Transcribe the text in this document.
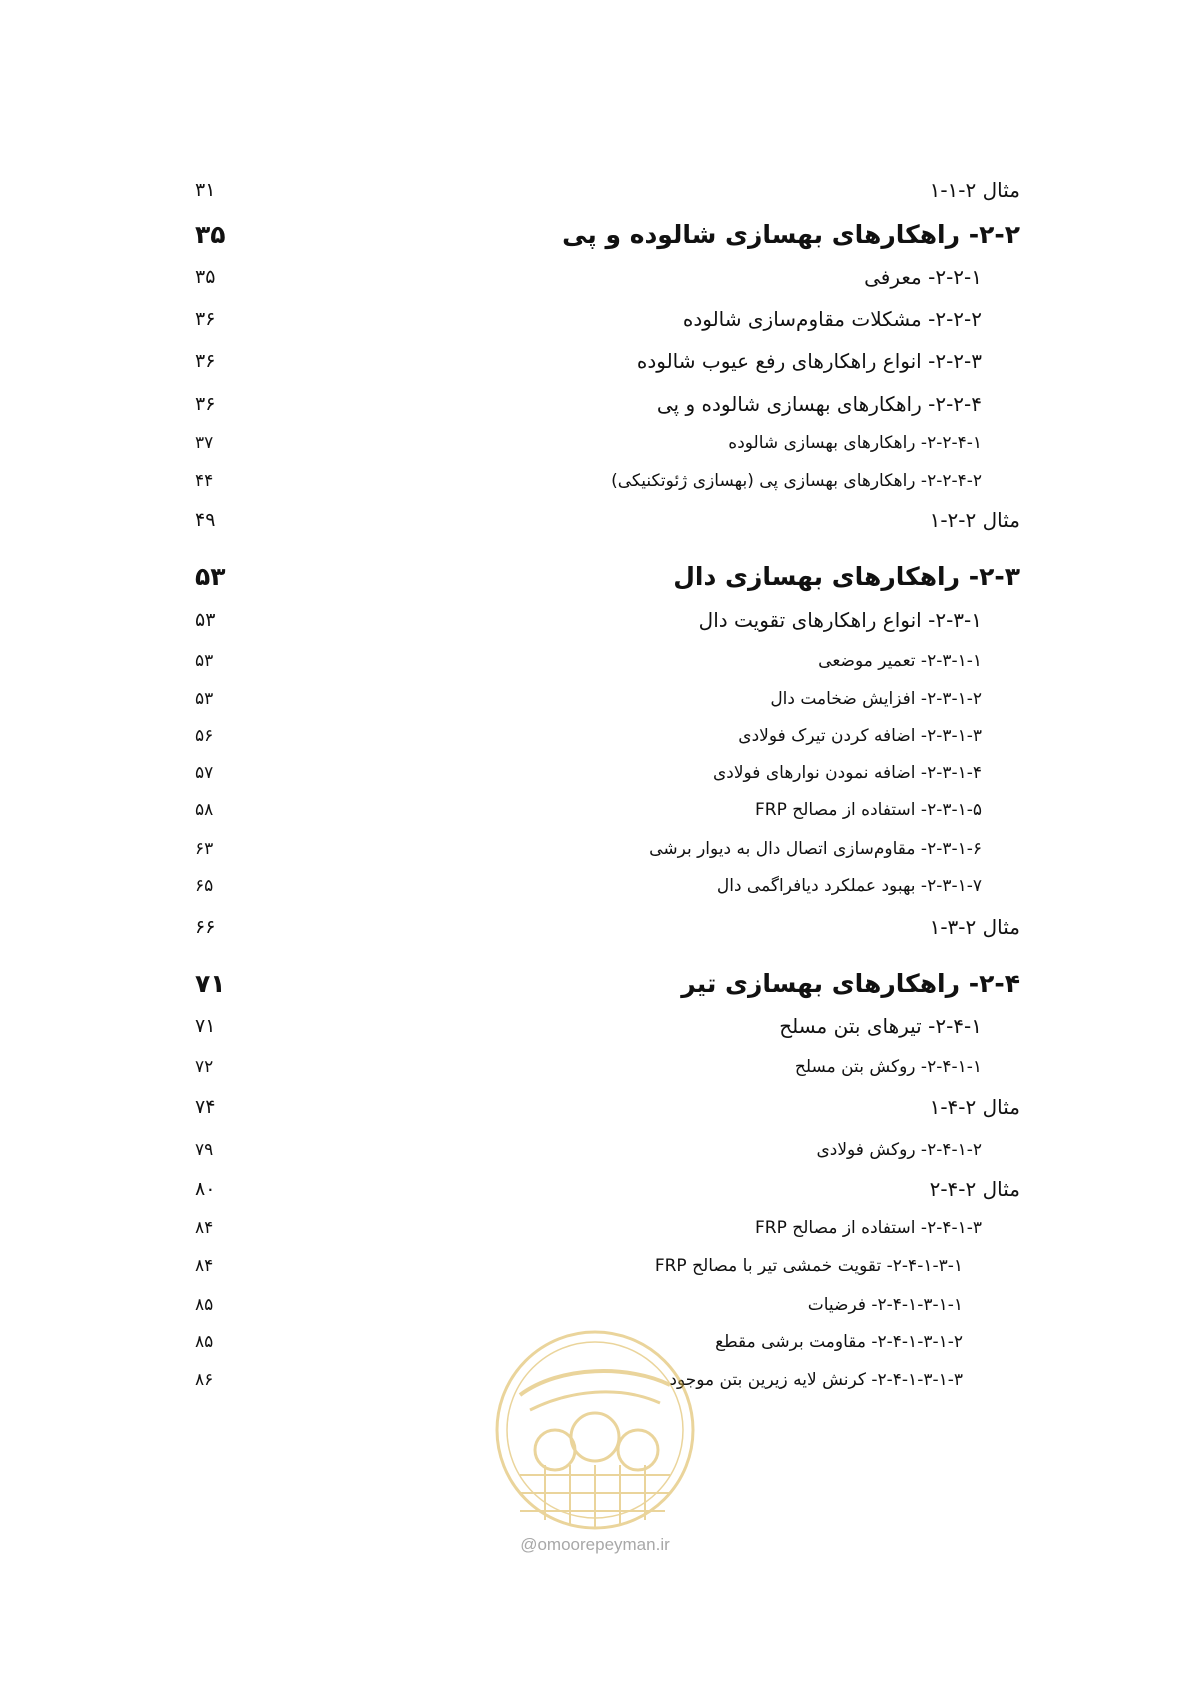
مثال ۲-۱-۱
۳۱
۲-۲- راهکارهای بهسازی شالوده و پی
۳۵
۲-۲-۱- معرفی
۳۵
۲-۲-۲- مشکلات مقاوم‌سازی شالوده
۳۶
۲-۲-۳- انواع راهکارهای رفع عیوب شالوده
۳۶
۲-۲-۴- راهکارهای بهسازی شالوده و پی
۳۶
۲-۲-۴-۱- راهکارهای بهسازی شالوده
۳۷
۲-۲-۴-۲- راهکارهای بهسازی پی (بهسازی ژئوتکنیکی)
۴۴
مثال ۲-۲-۱
۴۹
۲-۳- راهکارهای بهسازی دال
۵۳
۲-۳-۱- انواع راهکارهای تقویت دال
۵۳
۲-۳-۱-۱- تعمیر موضعی
۵۳
۲-۳-۱-۲- افزایش ضخامت دال
۵۳
۲-۳-۱-۳- اضافه کردن تیرک فولادی
۵۶
۲-۳-۱-۴- اضافه نمودن نوارهای فولادی
۵۷
۲-۳-۱-۵- استفاده از مصالح FRP
۵۸
۲-۳-۱-۶- مقاوم‌سازی اتصال دال به دیوار برشی
۶۳
۲-۳-۱-۷- بهبود عملکرد دیافراگمی دال
۶۵
مثال ۲-۳-۱
۶۶
۲-۴- راهکارهای بهسازی تیر
۷۱
۲-۴-۱- تیرهای بتن مسلح
۷۱
۲-۴-۱-۱- روکش بتن مسلح
۷۲
مثال ۲-۴-۱
۷۴
۲-۴-۱-۲- روکش فولادی
۷۹
مثال ۲-۴-۲
۸۰
۲-۴-۱-۳- استفاده از مصالح FRP
۸۴
۲-۴-۱-۳-۱- تقویت خمشی تیر با مصالح FRP
۸۴
۲-۴-۱-۳-۱-۱- فرضیات
۸۵
۲-۴-۱-۳-۱-۲- مقاومت برشی مقطع
۸۵
۲-۴-۱-۳-۱-۳- کرنش لایه زیرین بتن موجود
۸۶
@omoorepeyman.ir
